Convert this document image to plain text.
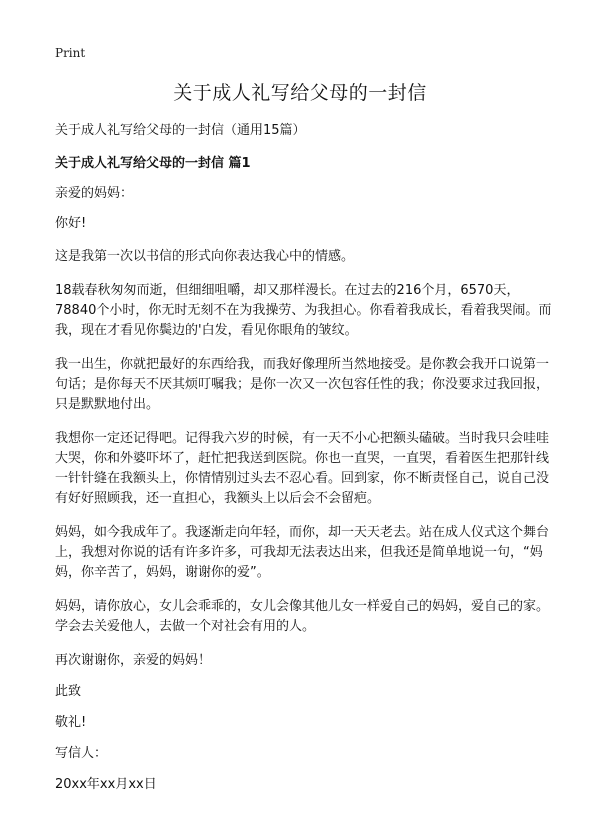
Print
关于成人礼写给父母的一封信

关于成人礼写给父母的一封信（通用15篇）

关于成人礼写给父母的一封信 篇1

亲爱的妈妈：

你好!

这是我第一次以书信的形式向你表达我心中的情感。

18载春秋匆匆而逝，但细细咀嚼，却又那样漫长。在过去的216个月，6570天，78840个小时，你无时无刻不在为我操劳、为我担心。你看着我成长，看着我哭闹。而我，现在才看见你鬓边的'白发，看见你眼角的皱纹。

我一出生，你就把最好的东西给我，而我好像理所当然地接受。是你教会我开口说第一句话；是你每天不厌其烦叮嘱我；是你一次又一次包容任性的我；你没要求过我回报，只是默默地付出。

我想你一定还记得吧。记得我六岁的时候，有一天不小心把额头磕破。当时我只会哇哇大哭，你和外婆吓坏了，赶忙把我送到医院。你也一直哭，一直哭，看着医生把那针线一针针缝在我额头上，你情情别过头去不忍心看。回到家，你不断责怪自己，说自己没有好好照顾我，还一直担心，我额头上以后会不会留疤。

妈妈，如今我成年了。我逐渐走向年轻，而你，却一天天老去。站在成人仪式这个舞台上，我想对你说的话有许多许多，可我却无法表达出来，但我还是简单地说一句，“妈妈，你辛苦了，妈妈，谢谢你的爱”。

妈妈，请你放心，女儿会乖乖的，女儿会像其他儿女一样爱自己的妈妈，爱自己的家。学会去关爱他人，去做一个对社会有用的人。

再次谢谢你，亲爱的妈妈！

此致

敬礼!

写信人：

20xx年xx月xx日
